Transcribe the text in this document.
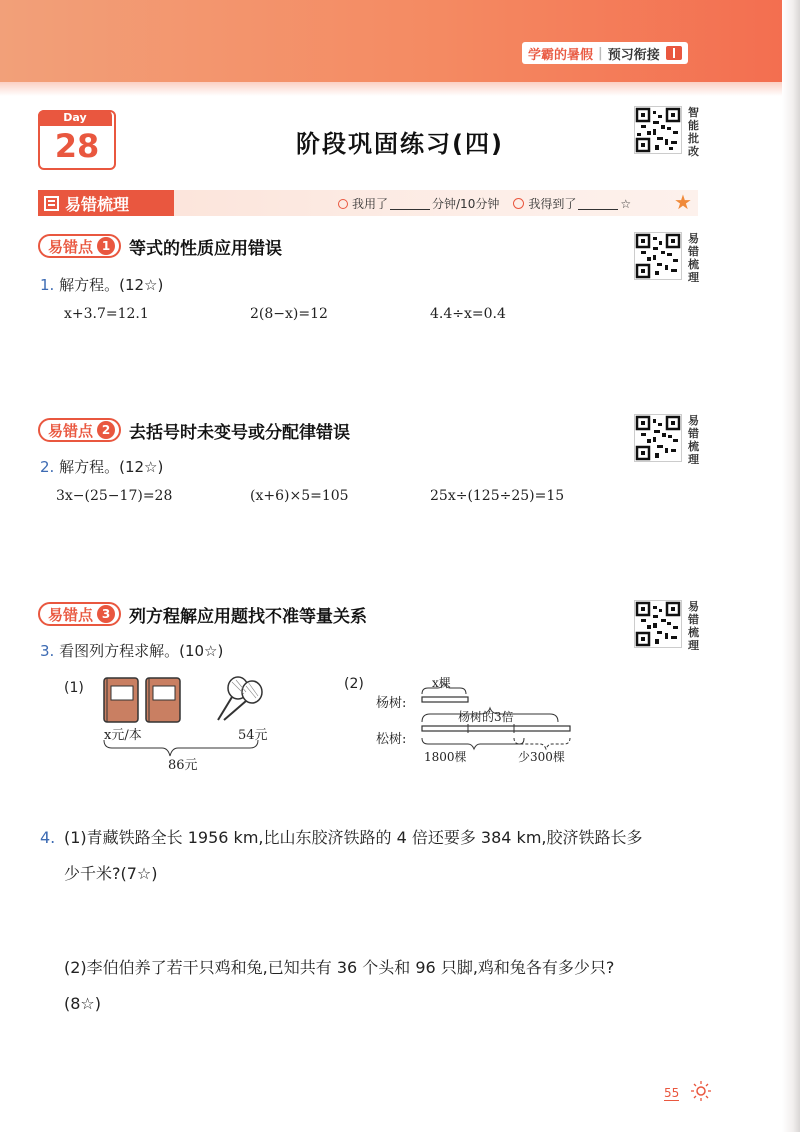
学霸的暑假 | 预习衔接
Day
28	阶段巩固练习(四)
智
能
批
改
易
错
梳
理
易
错
梳
理
易
错
梳
理
易错梳理	我用了	分钟/10分钟 我得到了	☆ ★
易错点 1 等式的性质应用错误
1. 解方程。(12☆)
x+3.7=12.1	2(8−x)=12	4.4÷x=0.4
易错点 2 去括号时未变号或分配律错误
2. 解方程。(12☆)
3x−(25−17)=28	(x+6)×5=105	25x÷(125÷25)=15
易错点 3 列方程解应用题找不准等量关系
3. 看图列方程求解。(10☆)
(1)
x元/本	54元
86元
(2)
杨树:
松树:
x棵
杨树的3倍
1800棵	少300棵
4. (1)青藏铁路全长 1956 km,比山东胶济铁路的 4 倍还要多 384 km,胶济铁路长多
少千米?(7☆)
(2)李伯伯养了若干只鸡和兔,已知共有 36 个头和 96 只脚,鸡和兔各有多少只?
(8☆)
55
